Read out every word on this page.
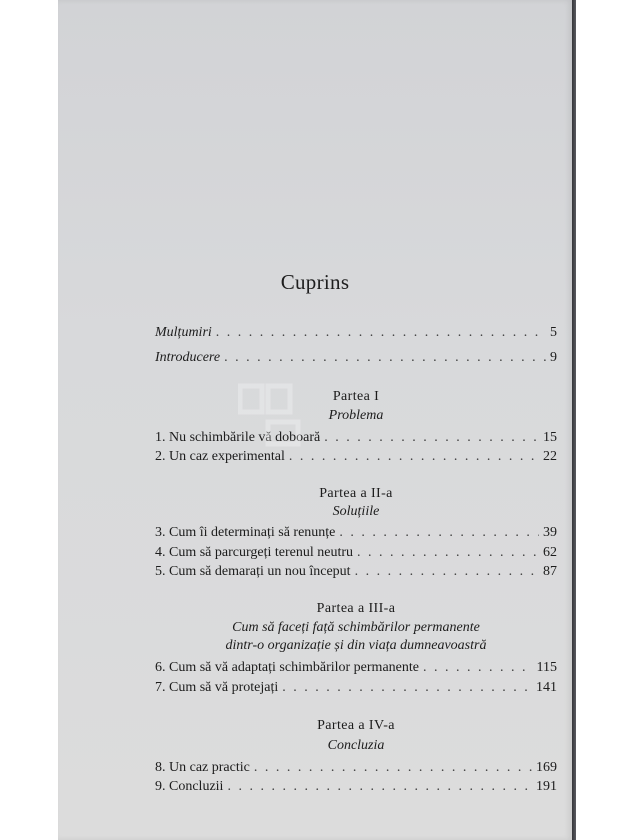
Cuprins
Mulțumiri . . .	5
Introducere . . .	9
Partea I
Problema
1. Nu schimbările vă doboară . . .	15
2. Un caz experimental . . .	22
Partea a II-a
Soluțiile
3. Cum îi determinați să renunțe . . .	39
4. Cum să parcurgeți terenul neutru . . .	62
5. Cum să demarați un nou început . . .	87
Partea a III-a
Cum să faceți față schimbărilor permanente
dintr-o organizație și din viața dumneavoastră
6. Cum să vă adaptați schimbărilor permanente . . .	115
7. Cum să vă protejați . . .	141
Partea a IV-a
Concluzia
8. Un caz practic . . .	169
9. Concluzii . . .	191
